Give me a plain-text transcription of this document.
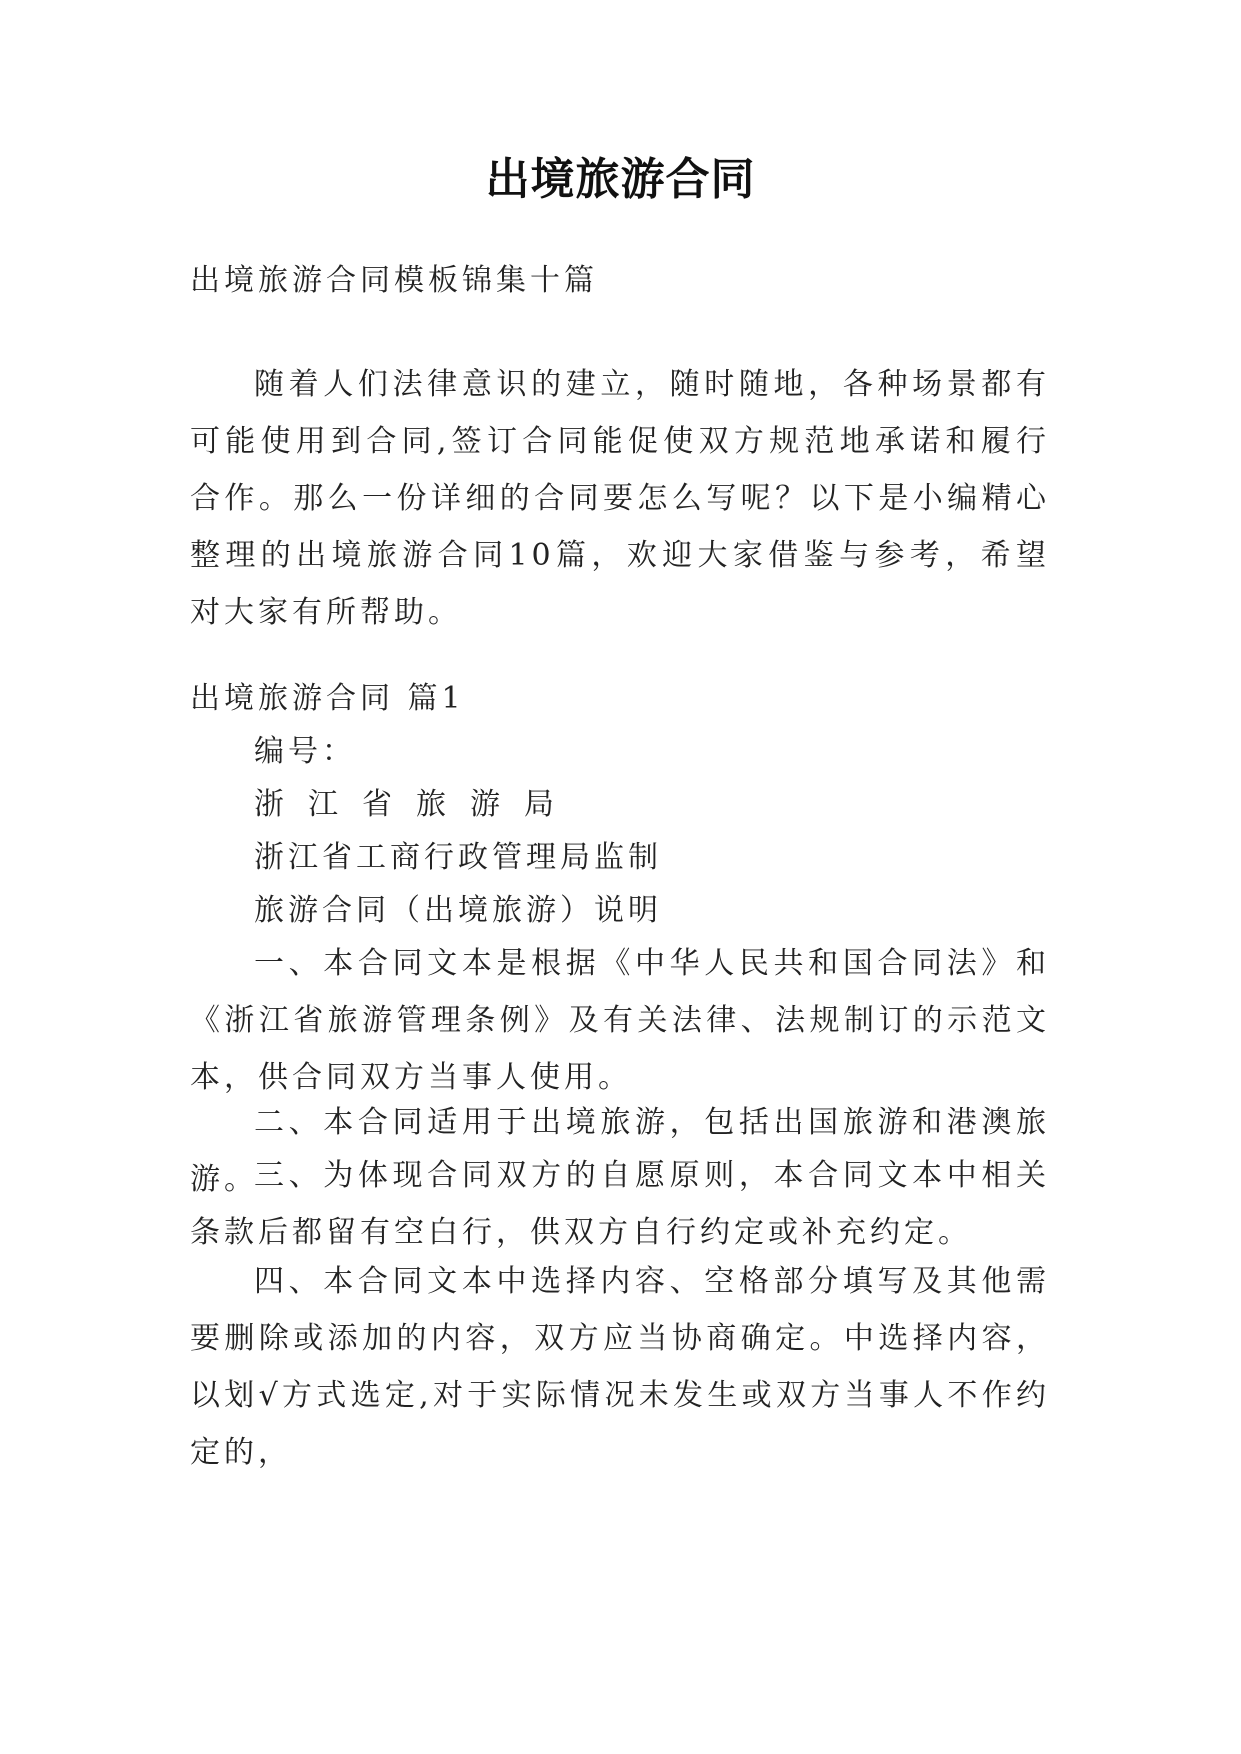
出境旅游合同
出境旅游合同模板锦集十篇
随着人们法律意识的建立，随时随地，各种场景都有可能使用到合同,签订合同能促使双方规范地承诺和履行合作。那么一份详细的合同要怎么写呢？以下是小编精心整理的出境旅游合同10篇，欢迎大家借鉴与参考，希望对大家有所帮助。
出境旅游合同 篇1
编号：
浙江省旅游局
浙江省工商行政管理局监制
旅游合同（出境旅游）说明
一、本合同文本是根据《中华人民共和国合同法》和《浙江省旅游管理条例》及有关法律、法规制订的示范文本，供合同双方当事人使用。
二、本合同适用于出境旅游，包括出国旅游和港澳旅游。
三、为体现合同双方的自愿原则，本合同文本中相关条款后都留有空白行，供双方自行约定或补充约定。
四、本合同文本中选择内容、空格部分填写及其他需要删除或添加的内容，双方应当协商确定。中选择内容，以划√方式选定,对于实际情况未发生或双方当事人不作约定的，
